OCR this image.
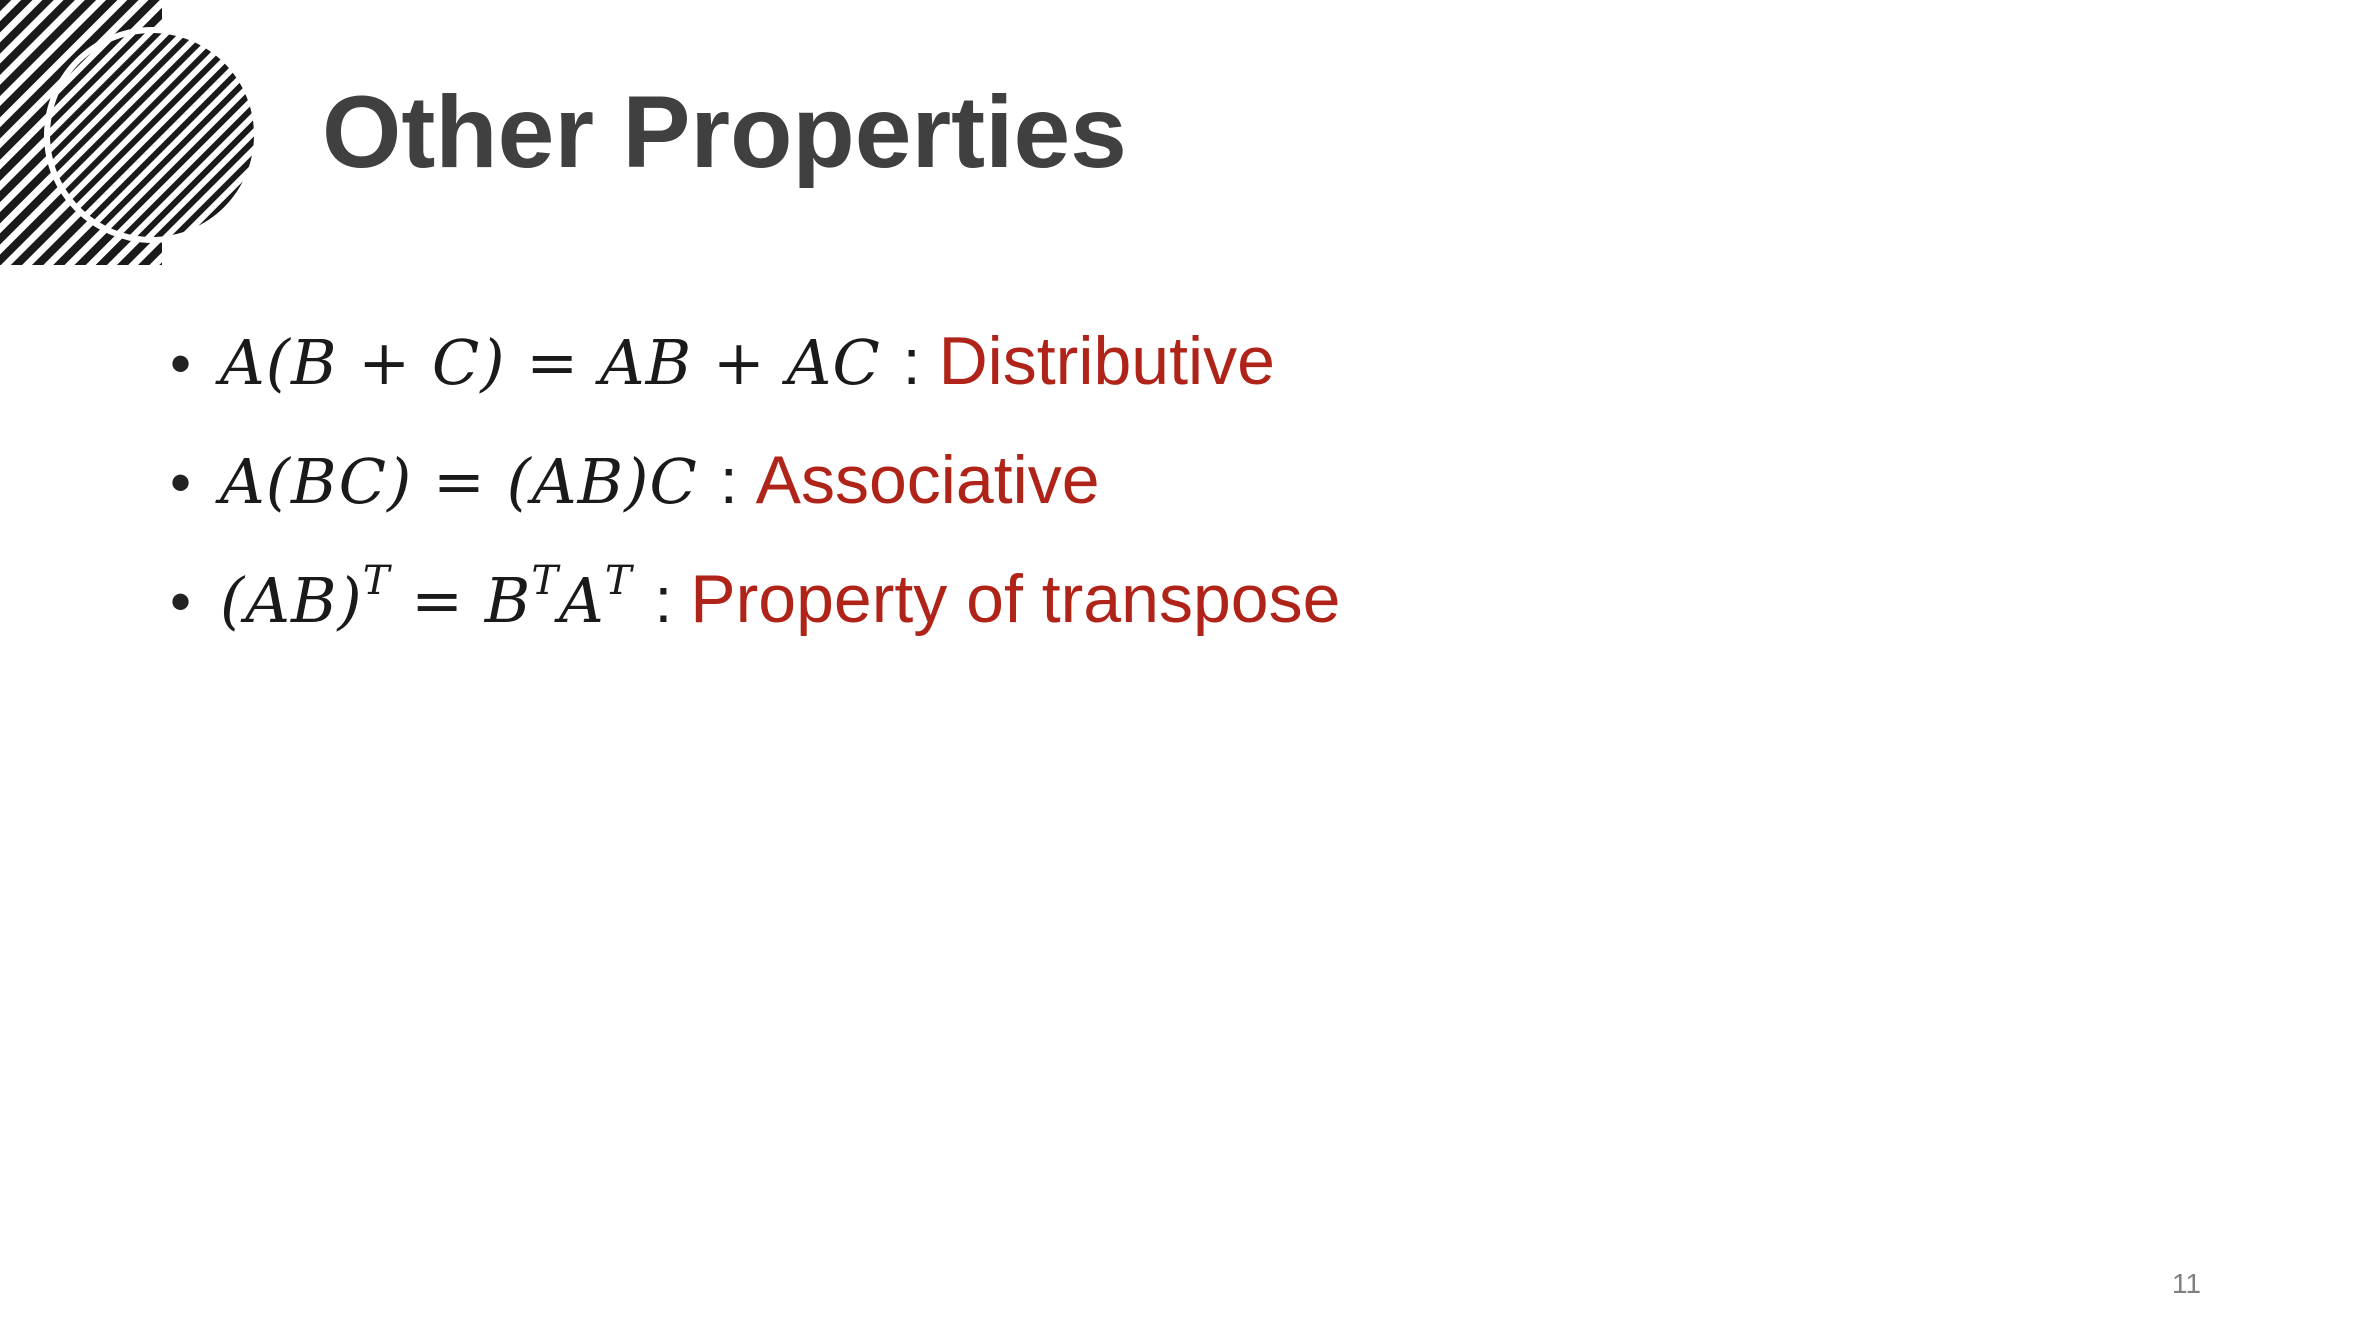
Other Properties
• A(B + C) = AB + AC : Distributive
• A(BC) = (AB)C : Associative
• $(AB)^T = B^TA^T$ : Property of transpose
11
